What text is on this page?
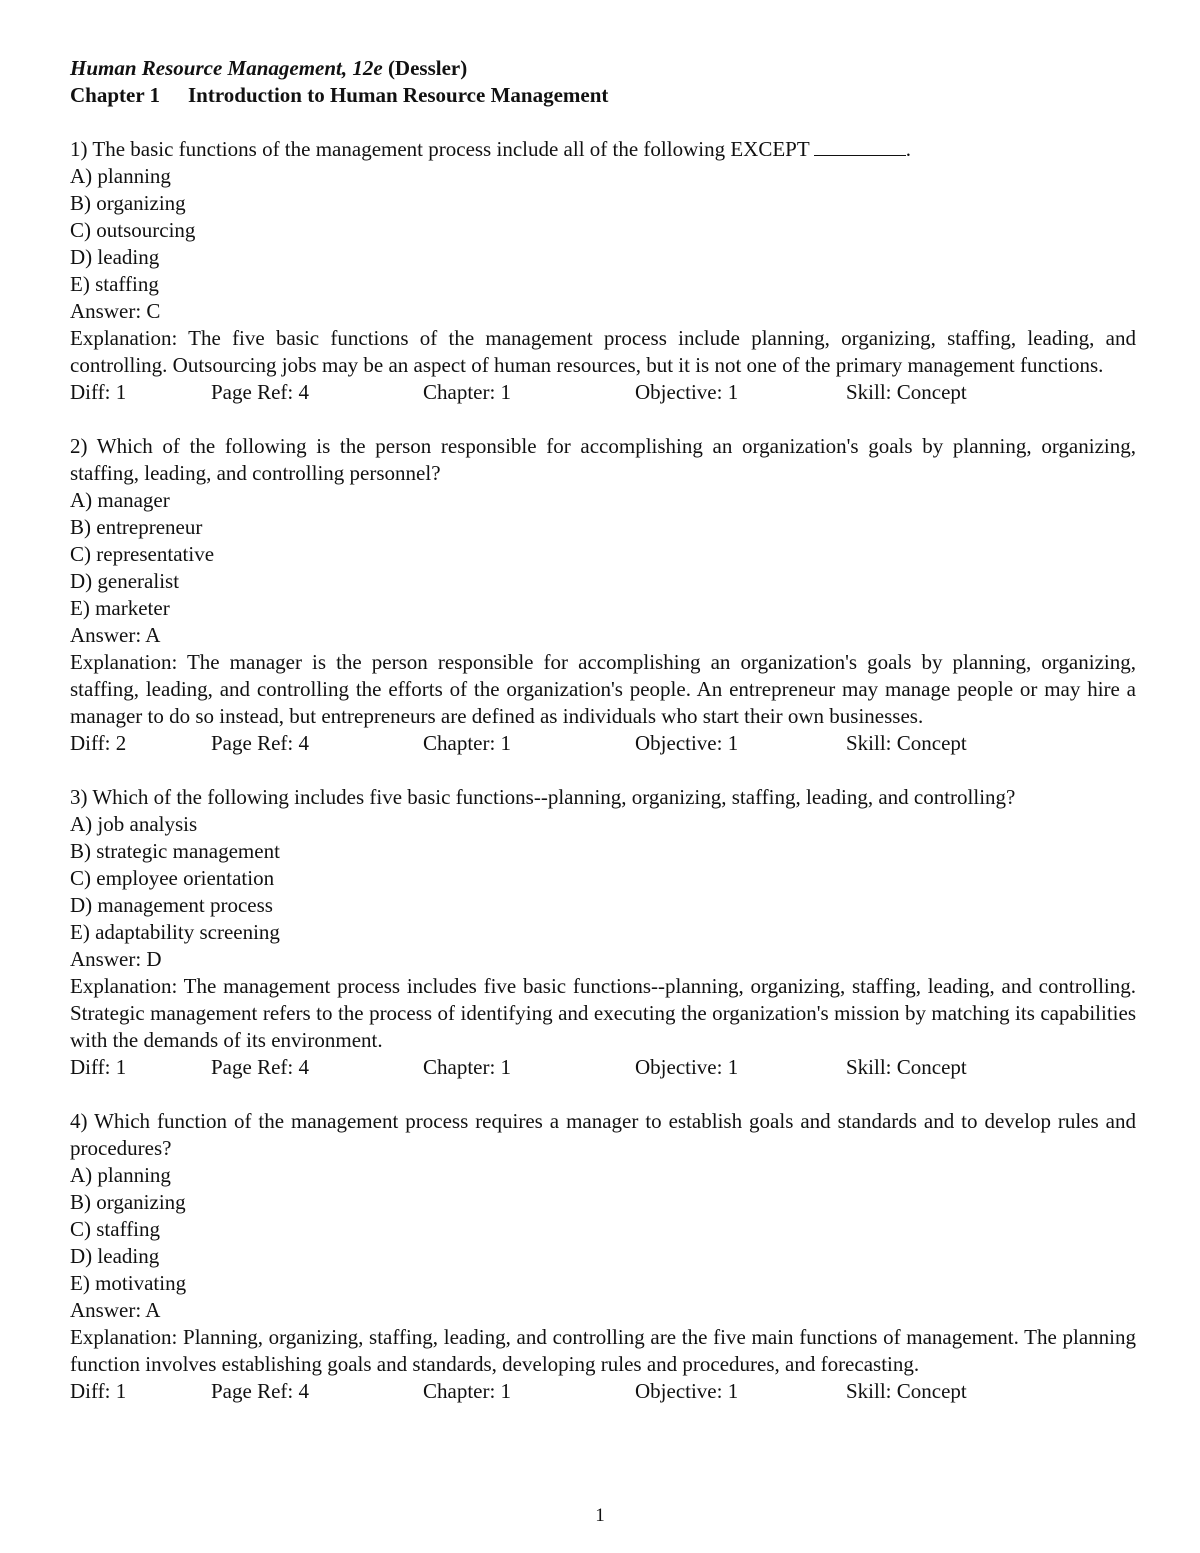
Human Resource Management, 12e (Dessler)
Chapter 1 Introduction to Human Resource Management
1) The basic functions of the management process include all of the following EXCEPT	.
A) planning
B) organizing
C) outsourcing
D) leading
E) staffing
Answer: C
Explanation: The five basic functions of the management process include planning, organizing, staffing, leading, and controlling. Outsourcing jobs may be an aspect of human resources, but it is not one of the primary management functions.
Diff: 1	Page Ref: 4	Chapter: 1	Objective: 1	Skill: Concept
2) Which of the following is the person responsible for accomplishing an organization's goals by planning, organizing, staffing, leading, and controlling personnel?
A) manager
B) entrepreneur
C) representative
D) generalist
E) marketer
Answer: A
Explanation: The manager is the person responsible for accomplishing an organization's goals by planning, organizing, staffing, leading, and controlling the efforts of the organization's people. An entrepreneur may manage people or may hire a manager to do so instead, but entrepreneurs are defined as individuals who start their own businesses.
Diff: 2	Page Ref: 4	Chapter: 1	Objective: 1	Skill: Concept
3) Which of the following includes five basic functions--planning, organizing, staffing, leading, and controlling?
A) job analysis
B) strategic management
C) employee orientation
D) management process
E) adaptability screening
Answer: D
Explanation: The management process includes five basic functions--planning, organizing, staffing, leading, and controlling. Strategic management refers to the process of identifying and executing the organization's mission by matching its capabilities with the demands of its environment.
Diff: 1	Page Ref: 4	Chapter: 1	Objective: 1	Skill: Concept
4) Which function of the management process requires a manager to establish goals and standards and to develop rules and procedures?
A) planning
B) organizing
C) staffing
D) leading
E) motivating
Answer: A
Explanation: Planning, organizing, staffing, leading, and controlling are the five main functions of management. The planning function involves establishing goals and standards, developing rules and procedures, and forecasting.
Diff: 1	Page Ref: 4	Chapter: 1	Objective: 1	Skill: Concept
1
